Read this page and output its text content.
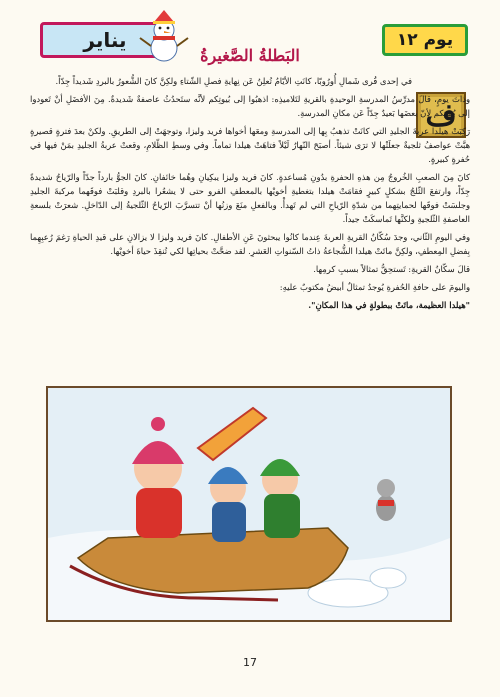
يناير	يوم ١٢
البَطلةُ الصَّغيرةُ
ف

في إحدى قُرى شَمالِ أُورُوبّا، كانَتِ الأيّامُ تُعلِنُ عَن نِهايةِ فصلِ الشّتاءِ ولكِنَّ كانَ الشُّعورُ بالبردِ شَديداً جِدّاً.

وذاتَ يومٍ، قالَ مدرِّسُ المدرسةِ الوحيدةِ بالقريةِ لتَلاميذِه: اذهبُوا إلى بُيوتِكم لأنَّه ستَحدُثُ عاصفةٌ شَديدةٌ. مِنَ الأفضَلِ أنْ تَعودوا إلى بُيوتِكم لأنّ بعضَها بَعيدٌ جِدّاً عَن مكانِ المدرسةِ.

رَكِبَتْ هيلدا عربةَ الجليدِ التي كانَتْ تذهبُ بِها إلى المدرسةِ ومعَها أخواها فريد وليزا، وتوجهَتْ إلى الطريقِ. ولكنْ بعدَ فترةٍ قصيرةٍ هبَّتْ عواصفُ ثلجيةٌ جعلَتْها لا ترَى شيئاً. أصبَحَ النّهارُ لَيْلاً فتاهَتْ هيلدا تماماً. وفي وسطِ الظّلامِ، وقعتْ عربةُ الجليدِ بمَنْ فيها في حُفرةٍ كبيرةٍ.

كانَ مِنَ الصعبِ الخُروجُ مِن هذهِ الحفرةِ بدُونِ مُساعدةٍ. كانَ فريد وليزا يبكِيانِ وهُما خائفانِ. كانَ الجوُّ بارداً جدّاً والرّياحُ شديدةً جِدّاً، وارتفعَ الثّلجُ بشكلٍ كبيرٍ فقامَتْ هيلدا بتغطيةِ أخويْها بالمعطفِ الفرو حتى لا يشعُرا بالبردِ وقلبَتْ فوقَهما مركبةَ الجليدِ وجلسَتْ فوقَها لحمايتِهما من شدّةِ الرّياحِ التي لم تَهدأْ. وبالفعلِ منَعَ وزنُها أنْ تتسرَّبَ الرّياحُ الثّلجيةُ إلى الدّاخلِ. شعرَتْ بلسعةِ العاصفةِ الثّلجيةِ ولكنَّها تَماسكَتْ جيداً.

وفي اليومِ الثّاني، وجدَ سُكّانُ القريةِ العربةَ عِندما كانُوا يبحثونَ عَنِ الأطفالِ. كانَ فريد وليزا لا يزالانِ على قيدِ الحياةِ رَغمَ رُعبِهِما بِفضلِ المِعطفِ، ولكِنَّ ماتَتْ هيلدا الشُّجاعةُ ذاتُ السّنواتِ العَشرِ. لقد ضحَّتْ بحياتِها لكي تُنقِذَ حياةَ أخويْها.

قالَ سكّانُ القريةِ: تَستحِقُّ تمثالاً بسببِ كرمِها.

واليومَ على حافةِ الحُفرةِ يُوجدُ تمثالٌ أبيضُ مكتوبٌ عليهِ:

"هيلدا العظيمة، ماتَتْ ببطولةٍ في هذا المكانِ".

17
